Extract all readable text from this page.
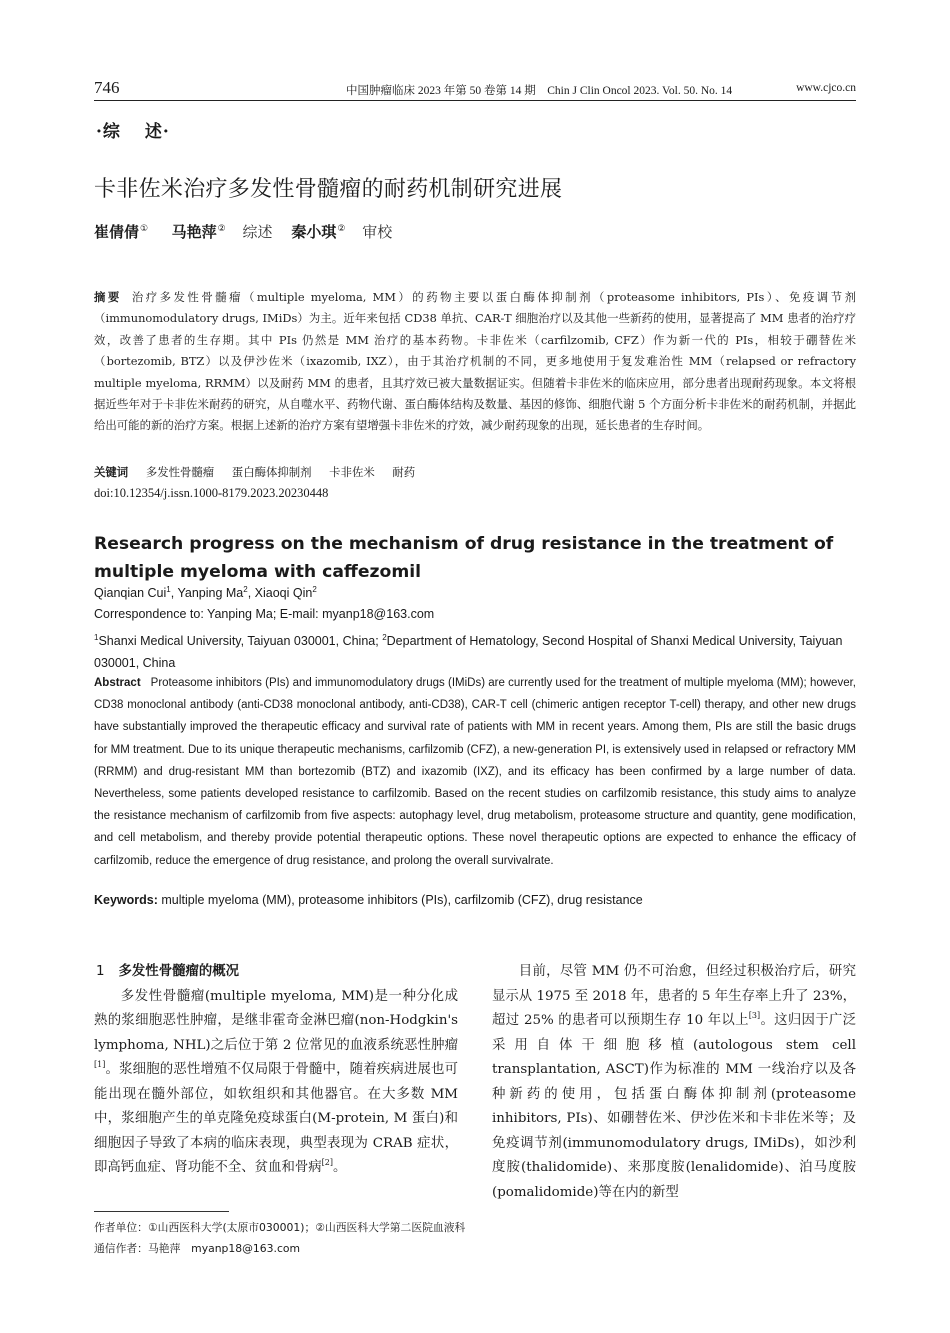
746	中国肿瘤临床 2023 年第 50 卷第 14 期　Chin J Clin Oncol 2023. Vol. 50. No. 14	www.cjco.cn
·综 述·
卡非佐米治疗多发性骨髓瘤的耐药机制研究进展
崔倩倩① 马艳萍② 综述 秦小琪② 审校
摘要 治疗多发性骨髓瘤（multiple myeloma, MM）的药物主要以蛋白酶体抑制剂（proteasome inhibitors, PIs）、免疫调节剂（immunomodulatory drugs, IMiDs）为主。近年来包括 CD38 单抗、CAR-T 细胞治疗以及其他一些新药的使用，显著提高了 MM 患者的治疗疗效，改善了患者的生存期。其中 PIs 仍然是 MM 治疗的基本药物。卡非佐米（carfilzomib, CFZ）作为新一代的 PIs，相较于硼替佐米（bortezomib, BTZ）以及伊沙佐米（ixazomib, IXZ），由于其治疗机制的不同，更多地使用于复发难治性 MM（relapsed or refractory multiple myeloma, RRMM）以及耐药 MM 的患者，且其疗效已被大量数据证实。但随着卡非佐米的临床应用，部分患者出现耐药现象。本文将根据近些年对于卡非佐米耐药的研究，从自噬水平、药物代谢、蛋白酶体结构及数量、基因的修饰、细胞代谢 5 个方面分析卡非佐米的耐药机制，并据此给出可能的新的治疗方案。根据上述新的治疗方案有望增强卡非佐米的疗效，减少耐药现象的出现，延长患者的生存时间。
关键词 多发性骨髓瘤 蛋白酶体抑制剂 卡非佐米 耐药
doi:10.12354/j.issn.1000-8179.2023.20230448
Research progress on the mechanism of drug resistance in the treatment of multiple myeloma with caffezomil
Qianqian Cui$^1$, Yanping Ma$^2$, Xiaoqi Qin$^2$
Correspondence to: Yanping Ma; E-mail: myanp18@163.com
$^1$Shanxi Medical University, Taiyuan 030001, China; $^2$Department of Hematology, Second Hospital of Shanxi Medical University, Taiyuan 030001, China
Abstract Proteasome inhibitors (PIs) and immunomodulatory drugs (IMiDs) are currently used for the treatment of multiple myeloma (MM); however, CD38 monoclonal antibody (anti-CD38 monoclonal antibody, anti-CD38), CAR-T cell (chimeric antigen receptor T-cell) therapy, and other new drugs have substantially improved the therapeutic efficacy and survival rate of patients with MM in recent years. Among them, PIs are still the basic drugs for MM treatment. Due to its unique therapeutic mechanisms, carfilzomib (CFZ), a new-generation PI, is extensively used in relapsed or refractory MM (RRMM) and drug-resistant MM than bortezomib (BTZ) and ixazomib (IXZ), and its efficacy has been confirmed by a large number of data. Nevertheless, some patients developed resistance to carfilzomib. Based on the recent studies on carfilzomib resistance, this study aims to analyze the resistance mechanism of carfilzomib from five aspects: autophagy level, drug metabolism, proteasome structure and quantity, gene modification, and cell metabolism, and thereby provide potential therapeutic options. These novel therapeutic options are expected to enhance the efficacy of carfilzomib, reduce the emergence of drug resistance, and prolong the overall survivalrate.
Keywords: multiple myeloma (MM), proteasome inhibitors (PIs), carfilzomib (CFZ), drug resistance
1 多发性骨髓瘤的概况

多发性骨髓瘤(multiple myeloma, MM)是一种分化成熟的浆细胞恶性肿瘤，是继非霍奇金淋巴瘤(non-Hodgkin's lymphoma, NHL)之后位于第 2 位常见的血液系统恶性肿瘤[1]。浆细胞的恶性增殖不仅局限于骨髓中，随着疾病进展也可能出现在髓外部位，如软组织和其他器官。在大多数 MM 中，浆细胞产生的单克隆免疫球蛋白(M-protein, M 蛋白)和细胞因子导致了本病的临床表现，典型表现为 CRAB 症状，即高钙血症、肾功能不全、贫血和骨病[2]。

目前，尽管 MM 仍不可治愈，但经过积极治疗后，研究显示从 1975 至 2018 年，患者的 5 年生存率上升了 23%，超过 25% 的患者可以预期生存 10 年以上[3]。这归因于广泛采用自体干细胞移植(autologous stem cell transplantation, ASCT)作为标准的 MM 一线治疗以及各种新药的使用，包括蛋白酶体抑制剂(proteasome inhibitors, PIs)、如硼替佐米、伊沙佐米和卡非佐米等；及免疫调节剂(immunomodulatory drugs, IMiDs)，如沙利度胺(thalidomide)、来那度胺(lenalidomide)、泊马度胺(pomalidomide)等在内的新型

作者单位：①山西医科大学(太原市030001)；②山西医科大学第二医院血液科
通信作者：马艳萍　myanp18@163.com
